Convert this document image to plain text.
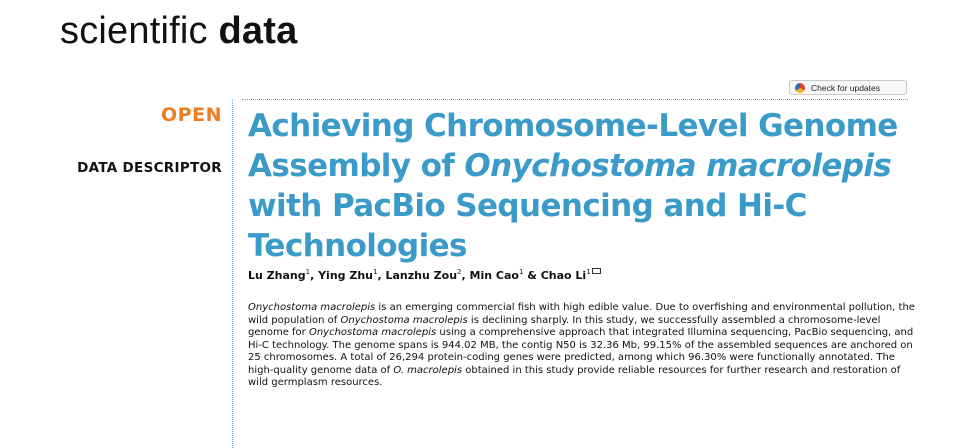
scientific data
Check for updates
OPEN
DATA DESCRIPTOR
Achieving Chromosome-Level Genome Assembly of Onychostoma macrolepis with PacBio Sequencing and Hi-C Technologies
Lu Zhang$^1$, Ying Zhu$^1$, Lanzhu Zou$^2$, Min Cao$^1$ & Chao Li$^1$

Onychostoma macrolepis is an emerging commercial fish with high edible value. Due to overfishing and environmental pollution, the wild population of Onychostoma macrolepis is declining sharply. In this study, we successfully assembled a chromosome-level genome for Onychostoma macrolepis using a comprehensive approach that integrated Illumina sequencing, PacBio sequencing, and Hi-C technology. The genome spans is 944.02 MB, the contig N50 is 32.36 Mb, 99.15% of the assembled sequences are anchored on 25 chromosomes. A total of 26,294 protein-coding genes were predicted, among which 96.30% were functionally annotated. The high-quality genome data of O. macrolepis obtained in this study provide reliable resources for further research and restoration of wild germplasm resources.
